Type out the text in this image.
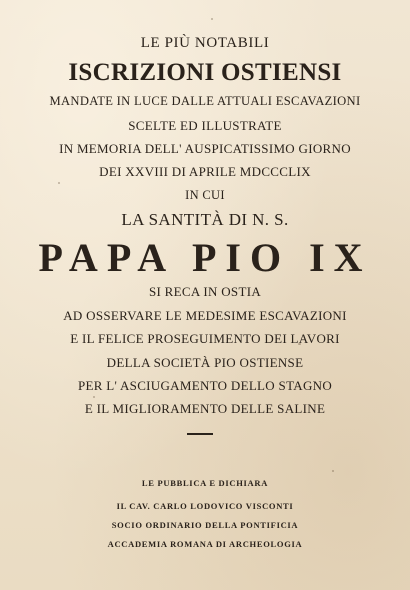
LE PIÙ NOTABILI
ISCRIZIONI OSTIENSI
MANDATE IN LUCE DALLE ATTUALI ESCAVAZIONI
SCELTE ED ILLUSTRATE
IN MEMORIA DELL' AUSPICATISSIMO GIORNO
DEI XXVIII DI APRILE MDCCCLIX
IN CUI
LA SANTITÀ DI N. S.
PAPA PIO IX
SI RECA IN OSTIA
AD OSSERVARE LE MEDESIME ESCAVAZIONI
E IL FELICE PROSEGUIMENTO DEI LAVORI
DELLA SOCIETÀ PIO OSTIENSE
PER L' ASCIUGAMENTO DELLO STAGNO
E IL MIGLIORAMENTO DELLE SALINE
LE PUBBLICA E DICHIARA
IL CAV. CARLO LODOVICO VISCONTI
SOCIO ORDINARIO DELLA PONTIFICIA
ACCADEMIA ROMANA DI ARCHEOLOGIA
